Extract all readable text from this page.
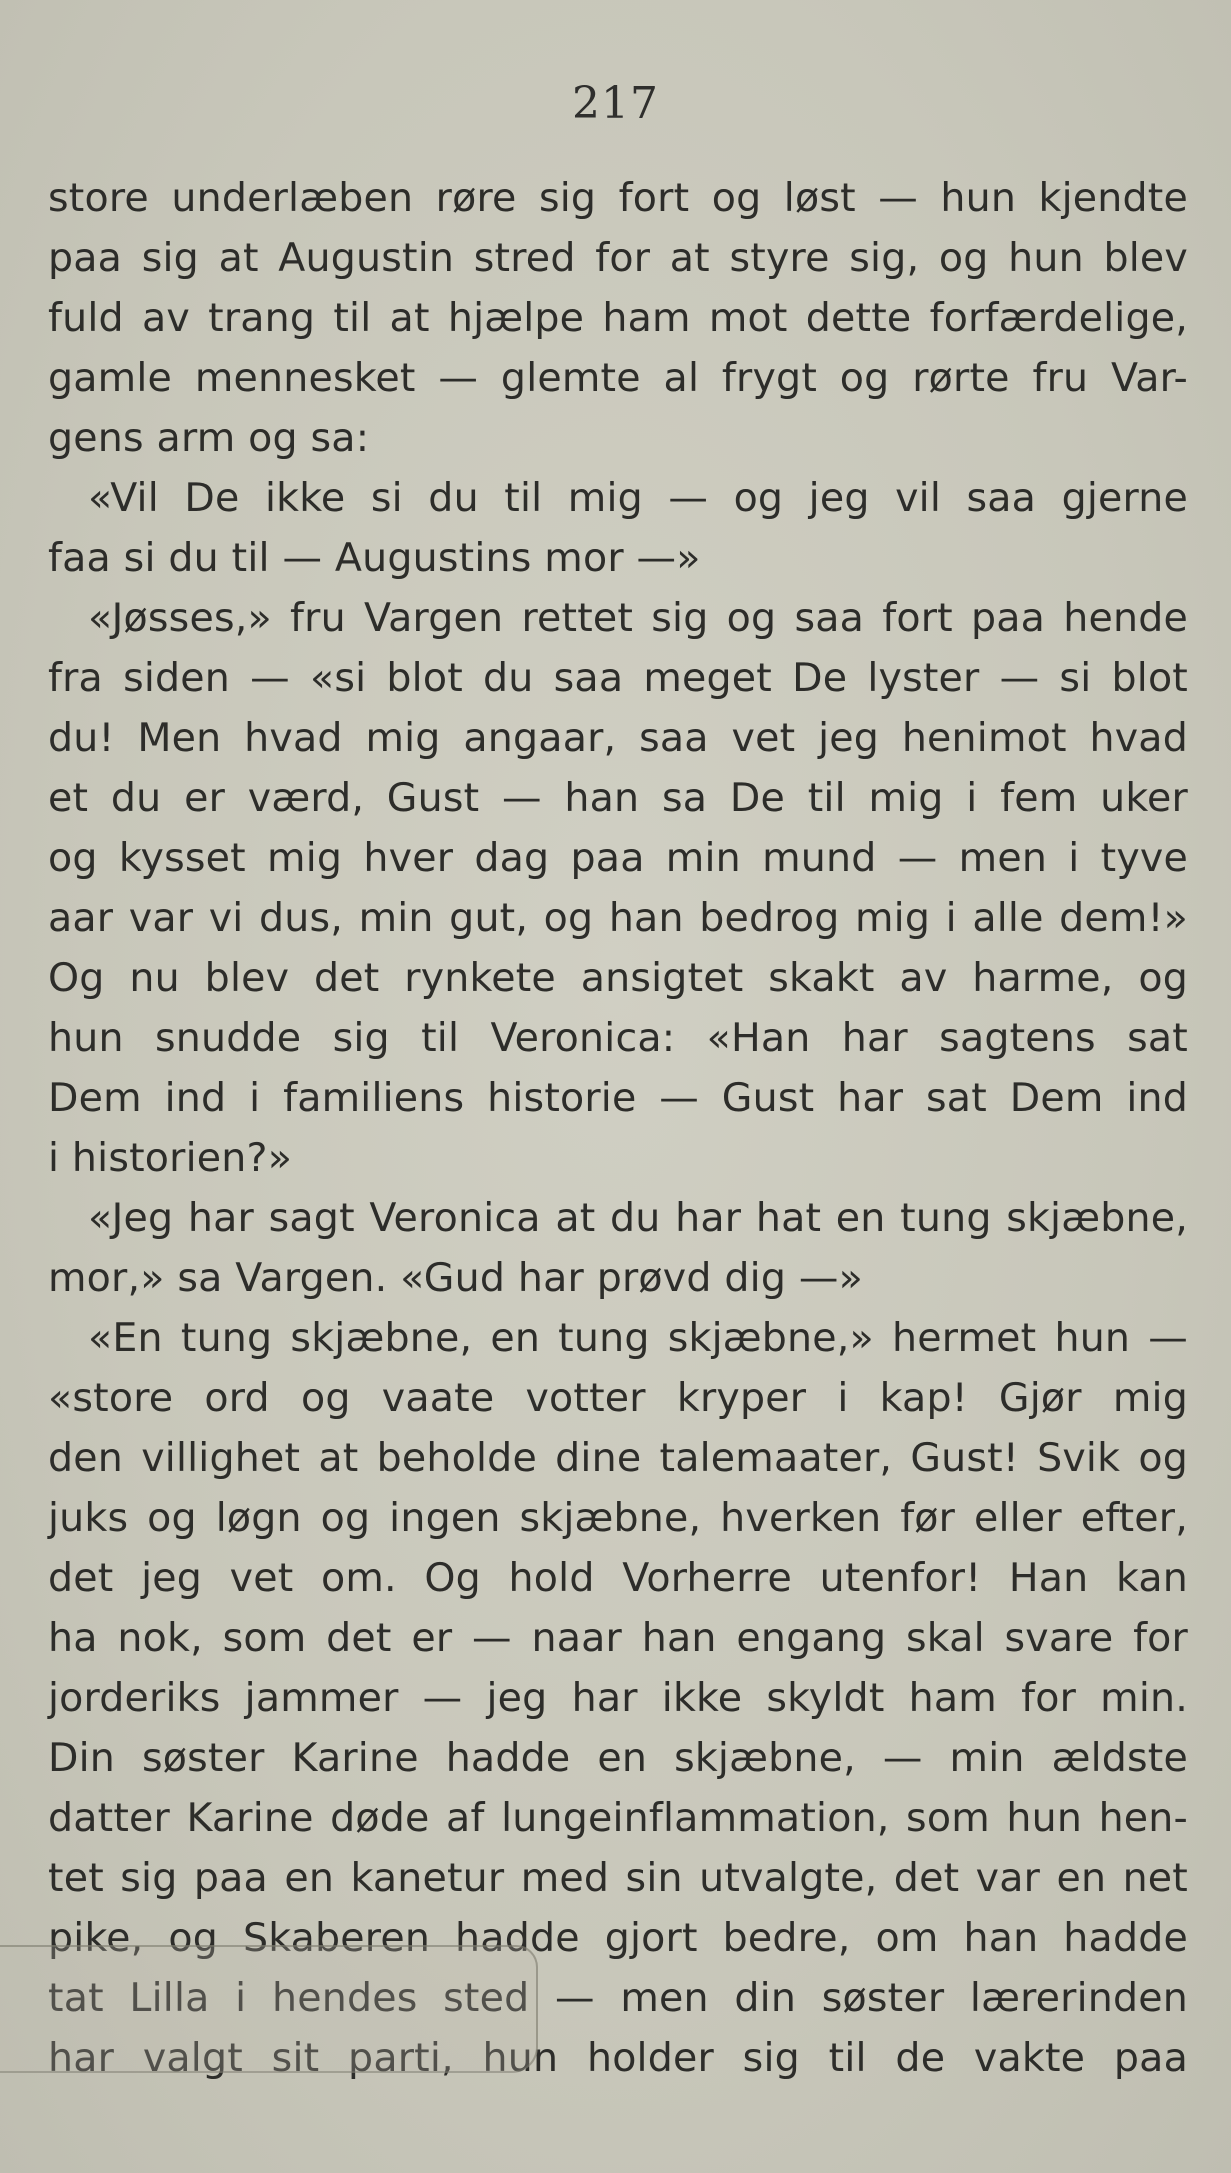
217
store underlæben røre sig fort og løst — hun kjendte
paa sig at Augustin stred for at styre sig, og hun blev
fuld av trang til at hjælpe ham mot dette forfærdelige,
gamle mennesket — glemte al frygt og rørte fru Var-
gens arm og sa:
«Vil De ikke si du til mig — og jeg vil saa gjerne
faa si du til — Augustins mor —»
«Jøsses,» fru Vargen rettet sig og saa fort paa hende
fra siden — «si blot du saa meget De lyster — si blot
du! Men hvad mig angaar, saa vet jeg henimot hvad
et du er værd, Gust — han sa De til mig i fem uker
og kysset mig hver dag paa min mund — men i tyve
aar var vi dus, min gut, og han bedrog mig i alle dem!»
Og nu blev det rynkete ansigtet skakt av harme, og
hun snudde sig til Veronica: «Han har sagtens sat
Dem ind i familiens historie — Gust har sat Dem ind
i historien?»
«Jeg har sagt Veronica at du har hat en tung skjæbne,
mor,» sa Vargen. «Gud har prøvd dig —»
«En tung skjæbne, en tung skjæbne,» hermet hun —
«store ord og vaate votter kryper i kap! Gjør mig
den villighet at beholde dine talemaater, Gust! Svik og
juks og løgn og ingen skjæbne, hverken før eller efter,
det jeg vet om. Og hold Vorherre utenfor! Han kan
ha nok, som det er — naar han engang skal svare for
jorderiks jammer — jeg har ikke skyldt ham for min.
Din søster Karine hadde en skjæbne, — min ældste
datter Karine døde af lungeinflammation, som hun hen-
tet sig paa en kanetur med sin utvalgte, det var en net
pike, og Skaberen hadde gjort bedre, om han hadde
tat Lilla i hendes sted — men din søster lærerinden
har valgt sit parti, hun holder sig til de vakte paa
